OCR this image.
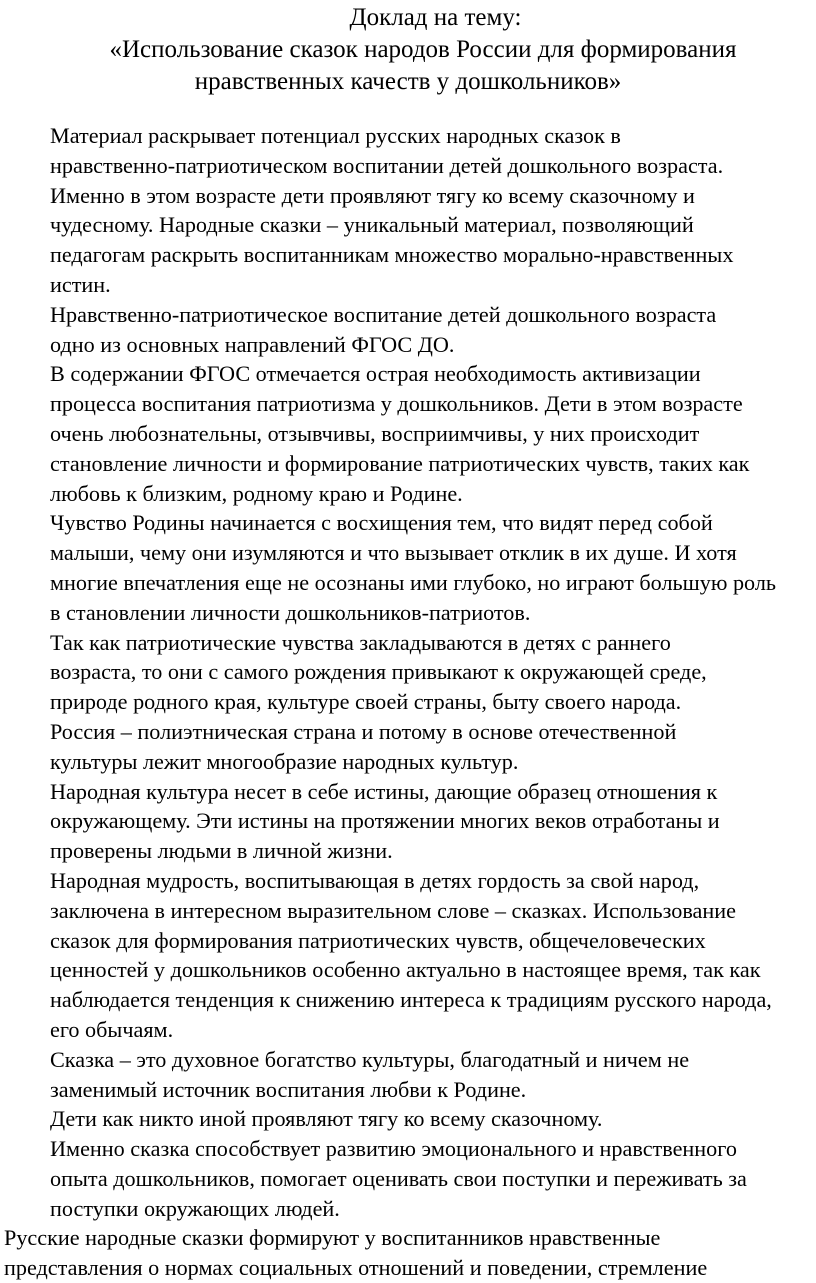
Доклад на тему:
«Использование сказок народов России для формирования
нравственных качеств у дошкольников»

Материал раскрывает потенциал русских народных сказок в
нравственно-патриотическом воспитании детей дошкольного возраста.

Именно в этом возрасте дети проявляют тягу ко всему сказочному и
чудесному. Народные сказки – уникальный материал, позволяющий
педагогам раскрыть воспитанникам множество морально-нравственных
истин.

Нравственно-патриотическое воспитание детей дошкольного возраста
одно из основных направлений ФГОС ДО.

В содержании ФГОС отмечается острая необходимость активизации
процесса воспитания патриотизма у дошкольников. Дети в этом возрасте
очень любознательны, отзывчивы, восприимчивы, у них происходит
становление личности и формирование патриотических чувств, таких как
любовь к близким, родному краю и Родине.

Чувство Родины начинается с восхищения тем, что видят перед собой
малыши, чему они изумляются и что вызывает отклик в их душе. И хотя
многие впечатления еще не осознаны ими глубоко, но играют большую роль
в становлении личности дошкольников-патриотов.

Так как патриотические чувства закладываются в детях с раннего
возраста, то они с самого рождения привыкают к окружающей среде,
природе родного края, культуре своей страны, быту своего народа.

Россия – полиэтническая страна и потому в основе отечественной
культуры лежит многообразие народных культур.

Народная культура несет в себе истины, дающие образец отношения к
окружающему. Эти истины на протяжении многих веков отработаны и
проверены людьми в личной жизни.

Народная мудрость, воспитывающая в детях гордость за свой народ,
заключена в интересном выразительном слове – сказках. Использование
сказок для формирования патриотических чувств, общечеловеческих
ценностей у дошкольников особенно актуально в настоящее время, так как
наблюдается тенденция к снижению интереса к традициям русского народа,
его обычаям.

Сказка – это духовное богатство культуры, благодатный и ничем не
заменимый источник воспитания любви к Родине.

Дети как никто иной проявляют тягу ко всему сказочному.

Именно сказка способствует развитию эмоционального и нравственного
опыта дошкольников, помогает оценивать свои поступки и переживать за
поступки окружающих людей.

Русские народные сказки формируют у воспитанников нравственные
представления о нормах социальных отношений и поведении, стремление
